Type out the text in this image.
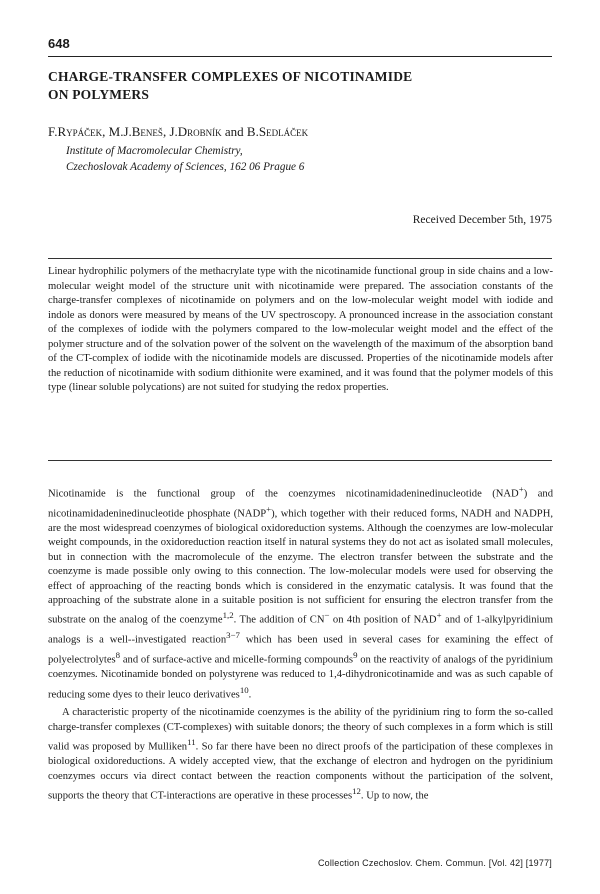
648
CHARGE-TRANSFER COMPLEXES OF NICOTINAMIDE
ON POLYMERS
F.Rypáček, M.J.Beneš, J.Drobník and B.Sedláček
Institute of Macromolecular Chemistry,
Czechoslovak Academy of Sciences, 162 06 Prague 6
Received December 5th, 1975

Linear hydrophilic polymers of the methacrylate type with the nicotinamide functional group in side chains and a low-molecular weight model of the structure unit with nicotinamide were prepared. The association constants of the charge-transfer complexes of nicotinamide on polymers and on the low-molecular weight model with iodide and indole as donors were measured by means of the UV spectroscopy. A pronounced increase in the association constant of the complexes of iodide with the polymers compared to the low-molecular weight model and the effect of the polymer structure and of the solvation power of the solvent on the wavelength of the maximum of the absorption band of the CT-complex of iodide with the nicotinamide models are discussed. Properties of the nicotinamide models after the reduction of nicotinamide with sodium dithionite were examined, and it was found that the polymer models of this type (linear soluble polycations) are not suited for studying the redox properties.

Nicotinamide is the functional group of the coenzymes nicotinamidadeninedinucleotide (NAD+) and nicotinamidadeninedinucleotide phosphate (NADP+), which together with their reduced forms, NADH and NADPH, are the most widespread coenzymes of biological oxidoreduction systems. Although the coenzymes are low-molecular weight compounds, in the oxidoreduction reaction itself in natural systems they do not act as isolated small molecules, but in connection with the macromolecule of the enzyme. The electron transfer between the substrate and the coenzyme is made possible only owing to this connection. The low-molecular models were used for observing the effect of approaching of the reacting bonds which is considered in the enzymatic catalysis. It was found that the approaching of the substrate alone in a suitable position is not sufficient for ensuring the electron transfer from the substrate on the analog of the coenzyme$^{1,2}$. The addition of CN− on 4th position of NAD+ and of 1-alkylpyridinium analogs is a well--investigated reaction$^{3-7}$ which has been used in several cases for examining the effect of polyelectrolytes$^8$ and of surface-active and micelle-forming compounds$^9$ on the reactivity of analogs of the pyridinium coenzymes. Nicotinamide bonded on polystyrene was reduced to 1,4-dihydronicotinamide and was as such capable of reducing some dyes to their leuco derivatives$^{10}$.

A characteristic property of the nicotinamide coenzymes is the ability of the pyridinium ring to form the so-called charge-transfer complexes (CT-complexes) with suitable donors; the theory of such complexes in a form which is still valid was proposed by Mulliken$^{11}$. So far there have been no direct proofs of the participation of these complexes in biological oxidoreductions. A widely accepted view, that the exchange of electron and hydrogen on the pyridinium coenzymes occurs via direct contact between the reaction components without the participation of the solvent, supports the theory that CT-interactions are operative in these processes$^{12}$. Up to now, the

Collection Czechoslov. Chem. Commun. [Vol. 42] [1977]
